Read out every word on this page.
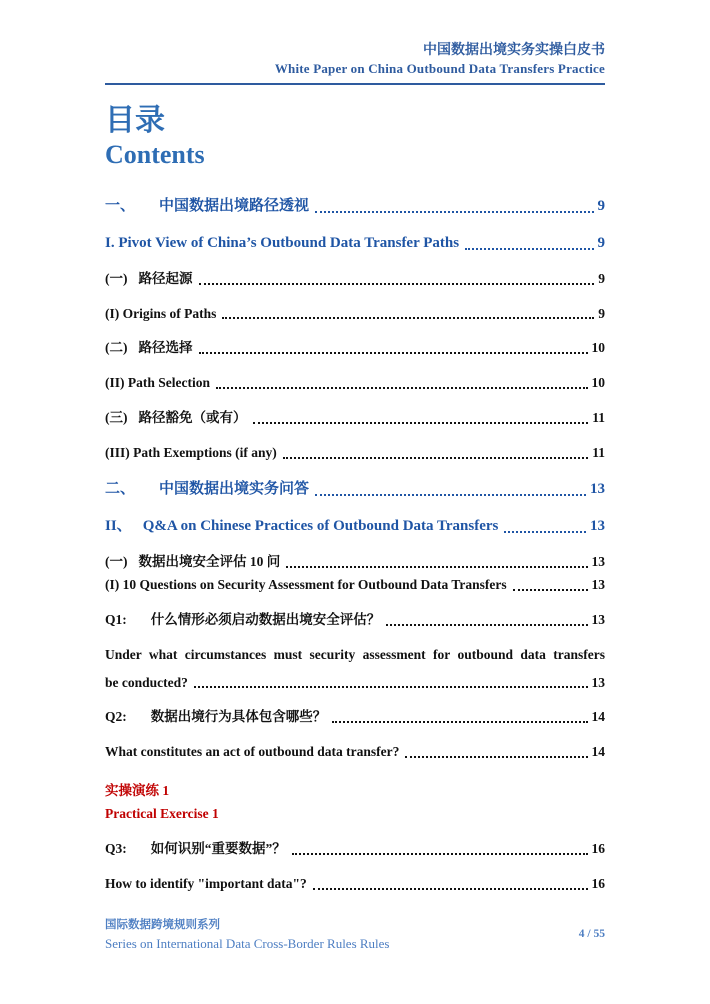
中国数据出境实务实操白皮书
White Paper on China Outbound Data Transfers Practice
目录
Contents
一、 中国数据出境路径透视	9
I. Pivot View of China’s Outbound Data Transfer Paths	9
(一) 路径起源	9
(I) Origins of Paths	9
(二) 路径选择	10
(II) Path Selection	10
(三) 路径豁免（或有）	11
(III) Path Exemptions (if any)	11
二、 中国数据出境实务问答	13
II、 Q&A on Chinese Practices of Outbound Data Transfers	13
(一) 数据出境安全评估 10 问	13
(I) 10 Questions on Security Assessment for Outbound Data Transfers	13
Q1: 什么情形必须启动数据出境安全评估？	13
Under what circumstances must security assessment for outbound data transfers
be conducted?	13
Q2: 数据出境行为具体包含哪些？	14
What constitutes an act of outbound data transfer?	14
实操演练 1
Practical Exercise 1
Q3: 如何识别“重要数据”？	16
How to identify "important data"?	16
国际数据跨境规则系列
Series on International Data Cross-Border Rules Rules
4 / 55
